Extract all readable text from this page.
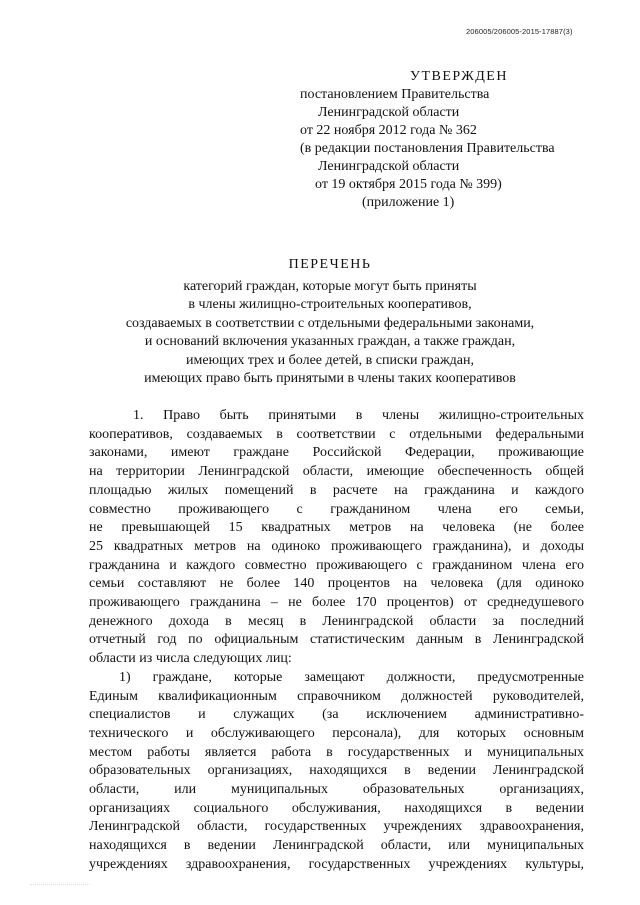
206005/206005-2015-17887(3)
УТВЕРЖДЕН
постановлением Правительства
Ленинградской области
от 22 ноября 2012 года № 362
(в редакции постановления Правительства
Ленинградской области
от 19 октября 2015 года № 399)
(приложение 1)
ПЕРЕЧЕНЬ
категорий граждан, которые могут быть приняты
в члены жилищно-строительных кооперативов,
создаваемых в соответствии с отдельными федеральными законами,
и оснований включения указанных граждан, а также граждан,
имеющих трех и более детей, в списки граждан,
имеющих право быть принятыми в члены таких кооперативов
1. Право быть принятыми в члены жилищно-строительных
кооперативов, создаваемых в соответствии с отдельными федеральными
законами, имеют граждане Российской Федерации, проживающие
на территории Ленинградской области, имеющие обеспеченность общей
площадью жилых помещений в расчете на гражданина и каждого
совместно проживающего с гражданином члена его семьи,
не превышающей 15 квадратных метров на человека (не более
25 квадратных метров на одиноко проживающего гражданина), и доходы
гражданина и каждого совместно проживающего с гражданином члена его
семьи составляют не более 140 процентов на человека (для одиноко
проживающего гражданина – не более 170 процентов) от среднедушевого
денежного дохода в месяц в Ленинградской области за последний
отчетный год по официальным статистическим данным в Ленинградской
области из числа следующих лиц:
1) граждане, которые замещают должности, предусмотренные
Единым квалификационным справочником должностей руководителей,
специалистов и служащих (за исключением административно-
технического и обслуживающего персонала), для которых основным
местом работы является работа в государственных и муниципальных
образовательных организациях, находящихся в ведении Ленинградской
области, или муниципальных образовательных организациях,
организациях социального обслуживания, находящихся в ведении
Ленинградской области, государственных учреждениях здравоохранения,
находящихся в ведении Ленинградской области, или муниципальных
учреждениях здравоохранения, государственных учреждениях культуры,
